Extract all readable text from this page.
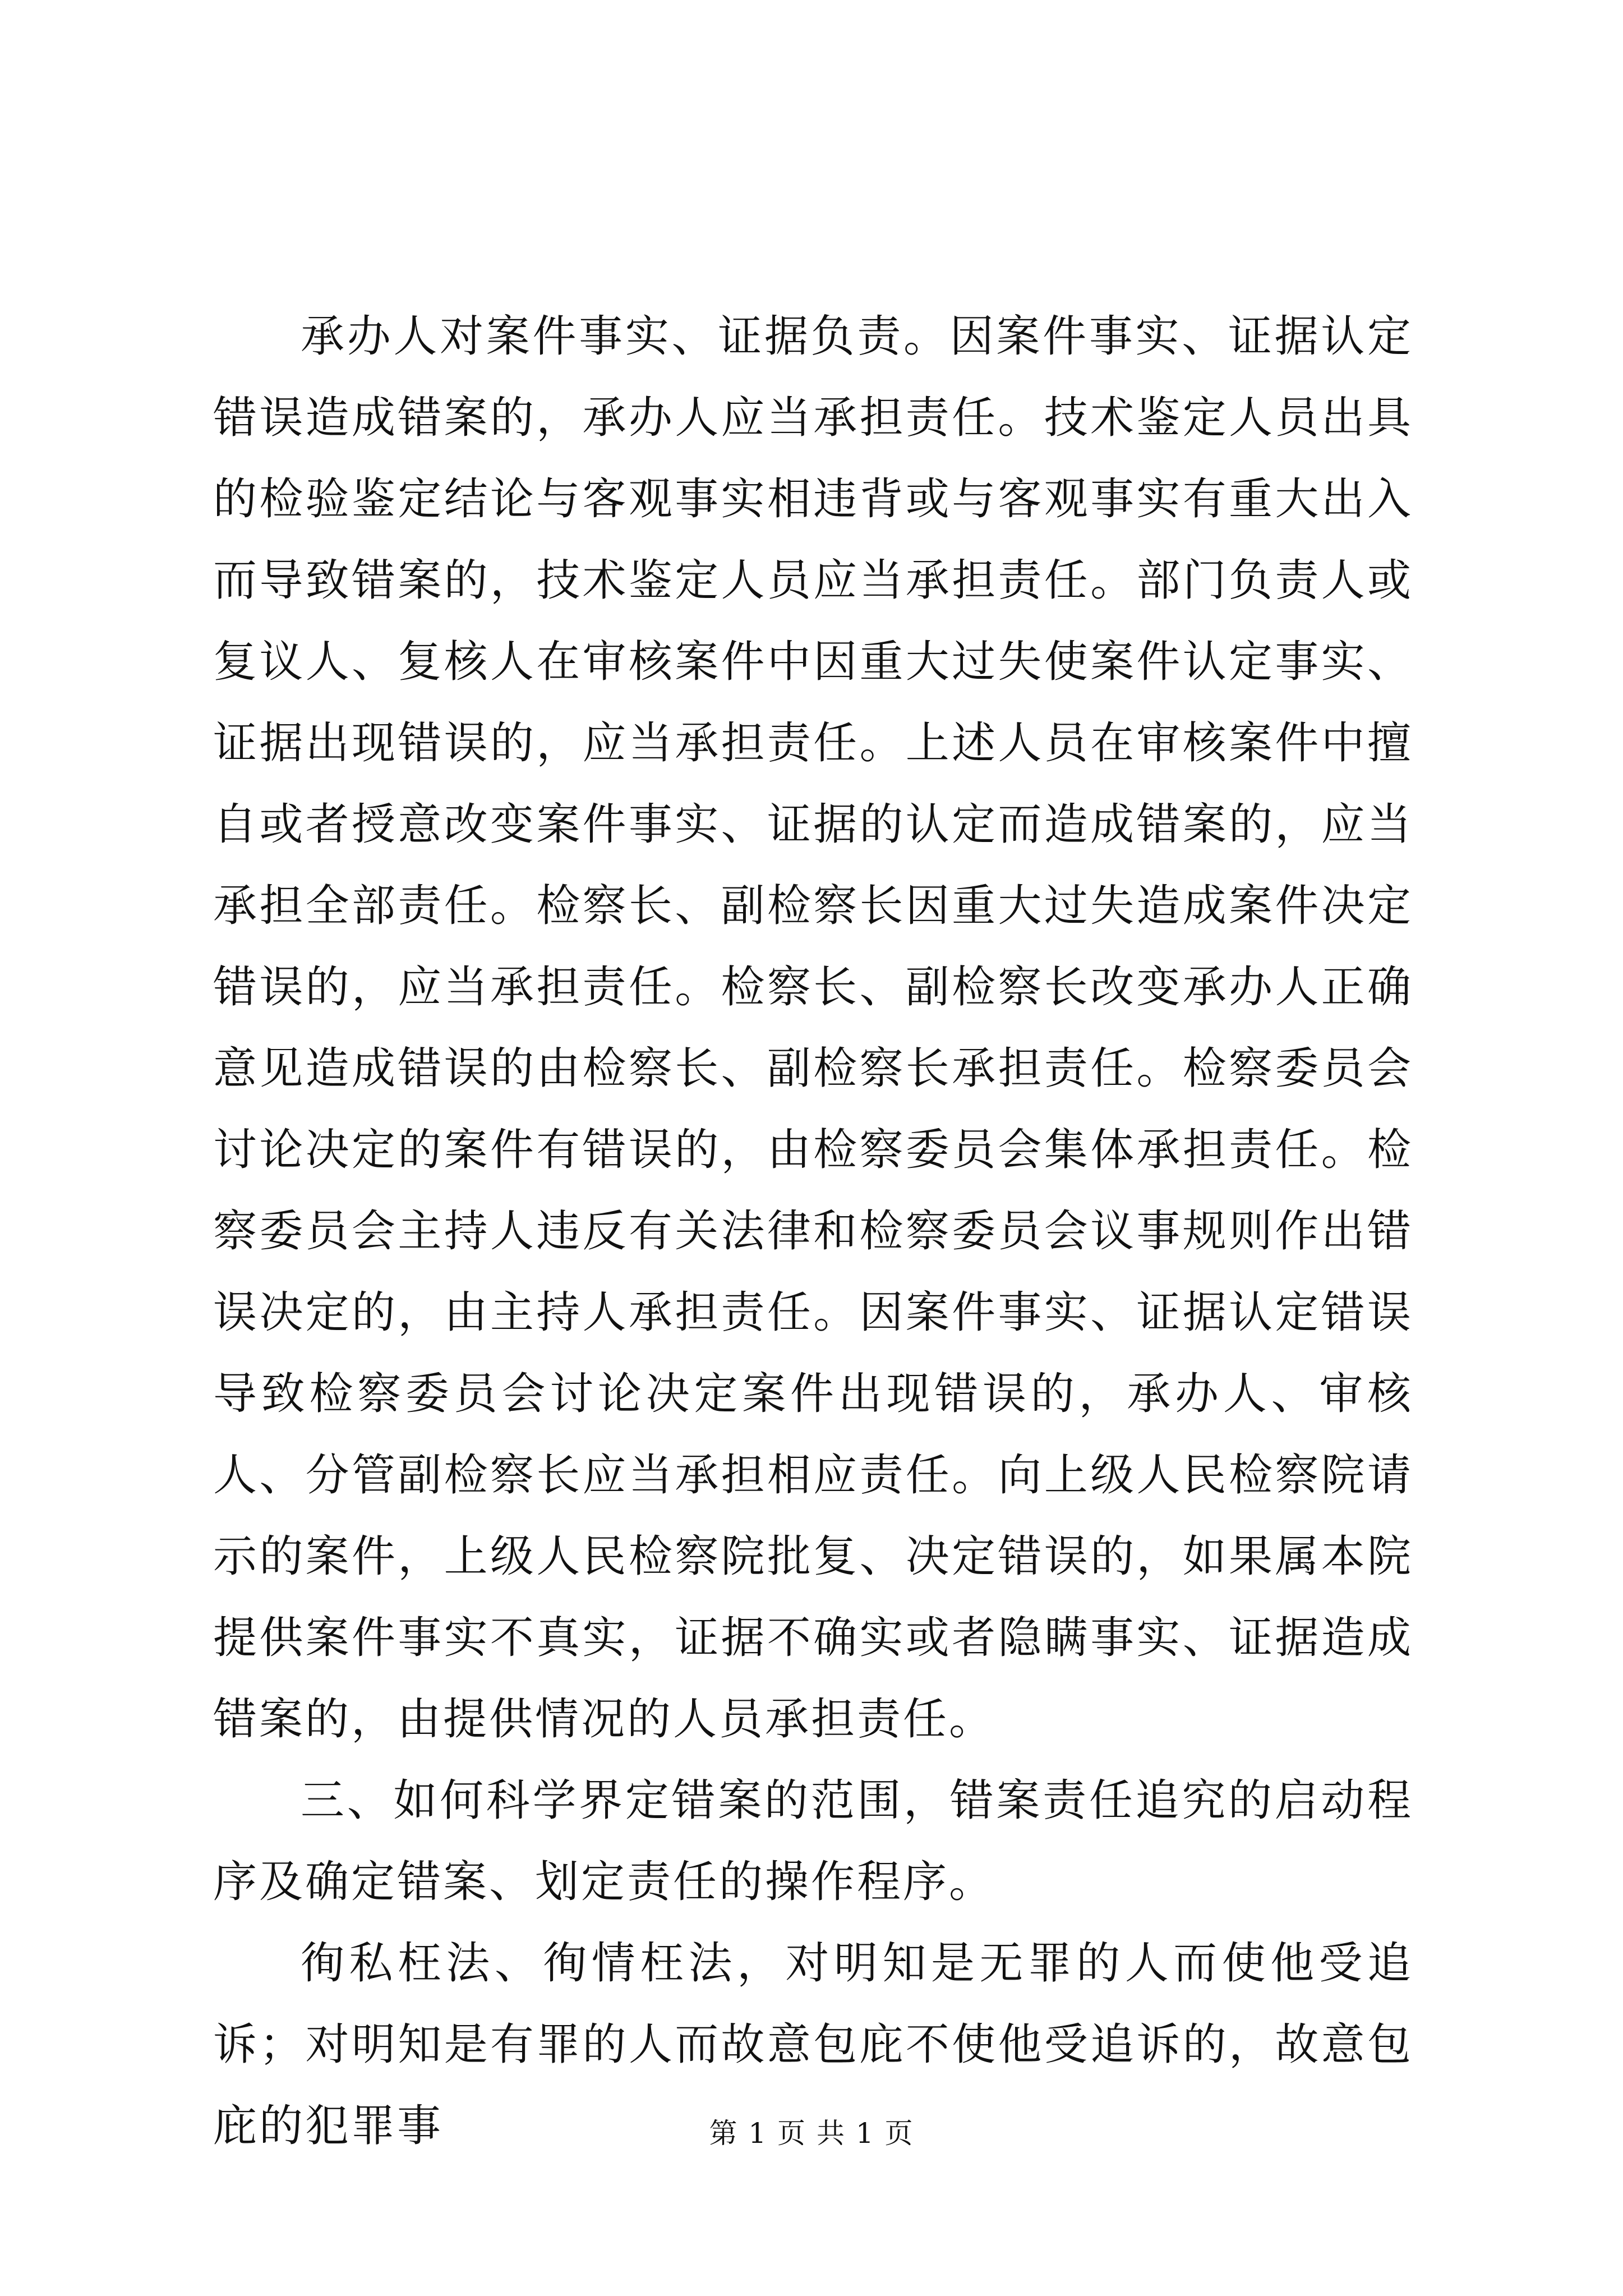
承办人对案件事实、证据负责。因案件事实、证据认定错误造成错案的，承办人应当承担责任。技术鉴定人员出具的检验鉴定结论与客观事实相违背或与客观事实有重大出入而导致错案的，技术鉴定人员应当承担责任。部门负责人或复议人、复核人在审核案件中因重大过失使案件认定事实、证据出现错误的，应当承担责任。上述人员在审核案件中擅自或者授意改变案件事实、证据的认定而造成错案的，应当承担全部责任。检察长、副检察长因重大过失造成案件决定错误的，应当承担责任。检察长、副检察长改变承办人正确意见造成错误的由检察长、副检察长承担责任。检察委员会讨论决定的案件有错误的，由检察委员会集体承担责任。检察委员会主持人违反有关法律和检察委员会议事规则作出错误决定的，由主持人承担责任。因案件事实、证据认定错误导致检察委员会讨论决定案件出现错误的，承办人、审核人、分管副检察长应当承担相应责任。向上级人民检察院请示的案件，上级人民检察院批复、决定错误的，如果属本院提供案件事实不真实，证据不确实或者隐瞒事实、证据造成错案的，由提供情况的人员承担责任。

三、如何科学界定错案的范围，错案责任追究的启动程序及确定错案、划定责任的操作程序。

徇私枉法、徇情枉法，对明知是无罪的人而使他受追诉；对明知是有罪的人而故意包庇不使他受追诉的，故意包庇的犯罪事	第 1 页 共 1 页
